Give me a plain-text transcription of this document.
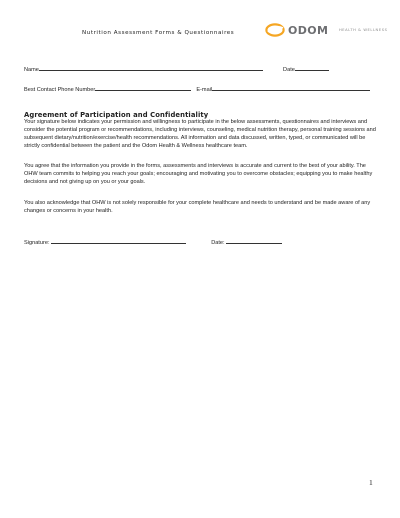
Nutrition Assessment Forms & Questionnaires	ODOM	HEALTH & WELLNESS
Name	Date
Best Contact Phone Number	E-mail
Agreement of Participation and Confidentiality
Your signature below indicates your permission and willingness to participate in the below assessments, questionnaires and interviews and consider the potential program or recommendations, including interviews, counseling, medical nutrition therapy, personal training sessions and subsequent dietary/nutrition/exercise/health recommendations. All information and data discussed, written, typed, or communicated will be strictly confidential between the patient and the Odom Health & Wellness healthcare team.
You agree that the information you provide in the forms, assessments and interviews is accurate and current to the best of your ability. The OHW team commits to helping you reach your goals; encouraging and motivating you to overcome obstacles; equipping you to make healthy decisions and not giving up on you or your goals.
You also acknowledge that OHW is not solely responsible for your complete healthcare and needs to understand and be made aware of any changes or concerns in your health.
Signature:	Date:
1
